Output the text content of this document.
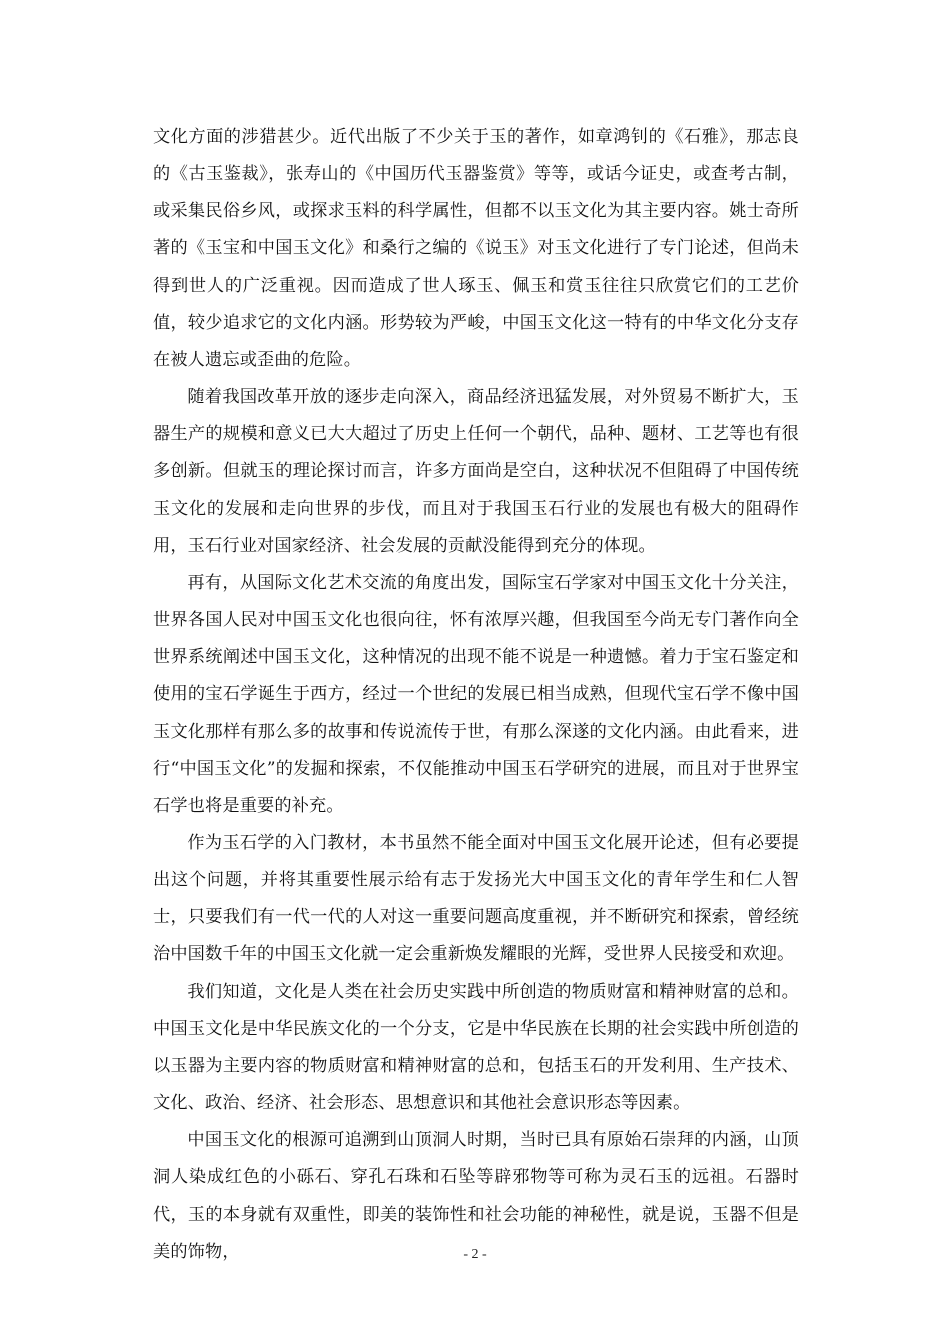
文化方面的涉猎甚少。近代出版了不少关于玉的著作，如章鸿钊的《石雅》，那志良的《古玉鉴裁》，张寿山的《中国历代玉器鉴赏》等等，或话今证史，或查考古制，或采集民俗乡风，或探求玉料的科学属性，但都不以玉文化为其主要内容。姚士奇所著的《玉宝和中国玉文化》和桑行之编的《说玉》对玉文化进行了专门论述，但尚未得到世人的广泛重视。因而造成了世人琢玉、佩玉和赏玉往往只欣赏它们的工艺价值，较少追求它的文化内涵。形势较为严峻，中国玉文化这一特有的中华文化分支存在被人遗忘或歪曲的危险。

随着我国改革开放的逐步走向深入，商品经济迅猛发展，对外贸易不断扩大，玉器生产的规模和意义已大大超过了历史上任何一个朝代，品种、题材、工艺等也有很多创新。但就玉的理论探讨而言，许多方面尚是空白，这种状况不但阻碍了中国传统玉文化的发展和走向世界的步伐，而且对于我国玉石行业的发展也有极大的阻碍作用，玉石行业对国家经济、社会发展的贡献没能得到充分的体现。

再有，从国际文化艺术交流的角度出发，国际宝石学家对中国玉文化十分关注，世界各国人民对中国玉文化也很向往，怀有浓厚兴趣，但我国至今尚无专门著作向全世界系统阐述中国玉文化，这种情况的出现不能不说是一种遗憾。着力于宝石鉴定和使用的宝石学诞生于西方，经过一个世纪的发展已相当成熟，但现代宝石学不像中国玉文化那样有那么多的故事和传说流传于世，有那么深遂的文化内涵。由此看来，进行“中国玉文化”的发掘和探索，不仅能推动中国玉石学研究的进展，而且对于世界宝石学也将是重要的补充。

作为玉石学的入门教材，本书虽然不能全面对中国玉文化展开论述，但有必要提出这个问题，并将其重要性展示给有志于发扬光大中国玉文化的青年学生和仁人智士，只要我们有一代一代的人对这一重要问题高度重视，并不断研究和探索，曾经统治中国数千年的中国玉文化就一定会重新焕发耀眼的光辉，受世界人民接受和欢迎。

我们知道，文化是人类在社会历史实践中所创造的物质财富和精神财富的总和。中国玉文化是中华民族文化的一个分支，它是中华民族在长期的社会实践中所创造的以玉器为主要内容的物质财富和精神财富的总和，包括玉石的开发利用、生产技术、文化、政治、经济、社会形态、思想意识和其他社会意识形态等因素。

中国玉文化的根源可追溯到山顶洞人时期，当时已具有原始石崇拜的内涵，山顶洞人染成红色的小砾石、穿孔石珠和石坠等辟邪物等可称为灵石玉的远祖。石器时代，玉的本身就有双重性，即美的装饰性和社会功能的神秘性，就是说，玉器不但是美的饰物，	- 2 -
